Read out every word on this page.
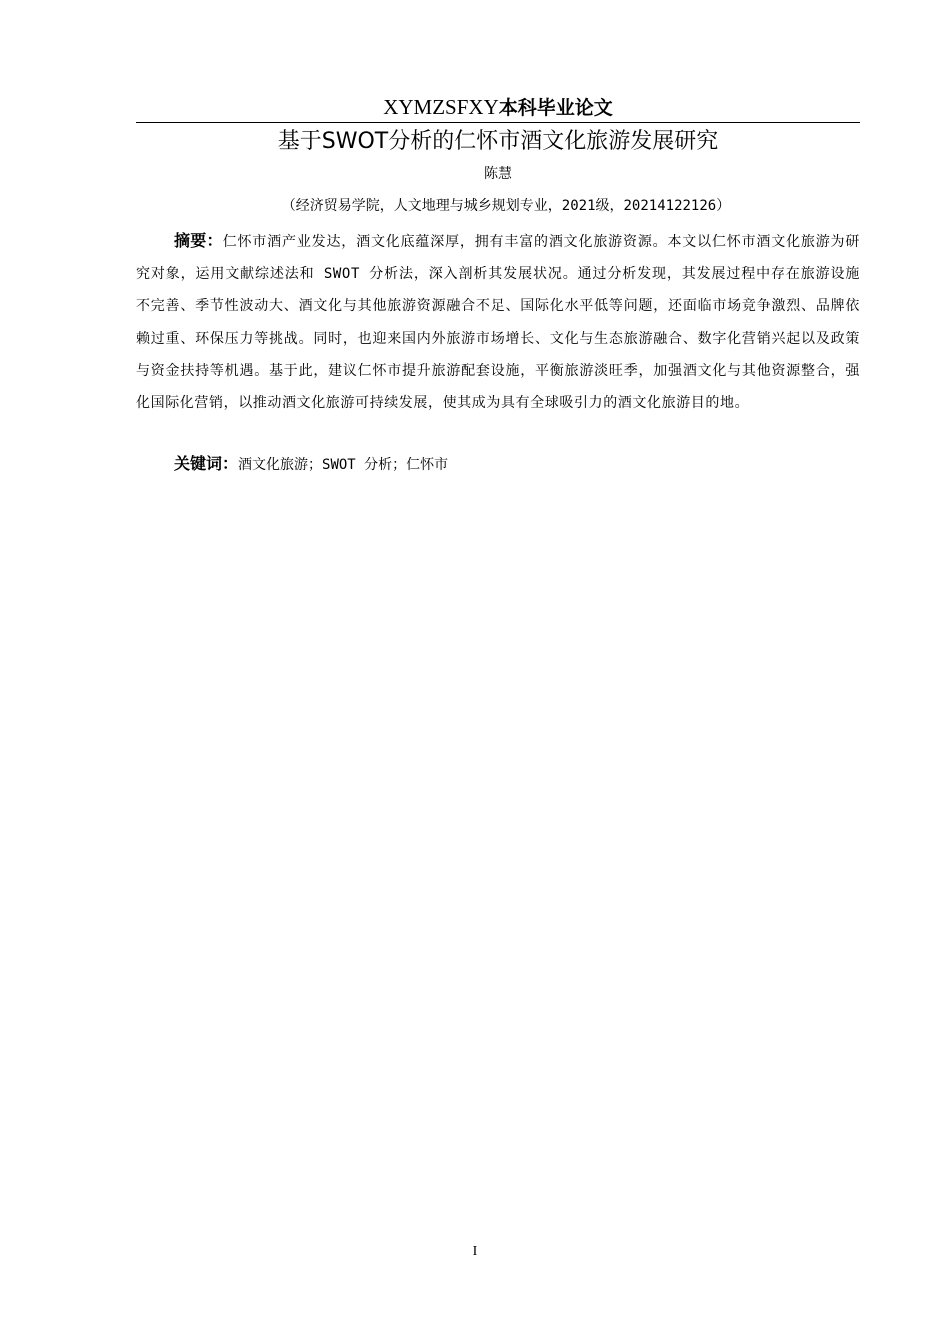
XYMZSFXY本科毕业论文
基于SWOT分析的仁怀市酒文化旅游发展研究
陈慧
（经济贸易学院，人文地理与城乡规划专业，2021级，20214122126）

摘要：仁怀市酒产业发达，酒文化底蕴深厚，拥有丰富的酒文化旅游资源。本文以仁怀市酒文化旅游为研究对象，运用文献综述法和 SWOT 分析法，深入剖析其发展状况。通过分析发现，其发展过程中存在旅游设施不完善、季节性波动大、酒文化与其他旅游资源融合不足、国际化水平低等问题，还面临市场竞争激烈、品牌依赖过重、环保压力等挑战。同时，也迎来国内外旅游市场增长、文化与生态旅游融合、数字化营销兴起以及政策与资金扶持等机遇。基于此，建议仁怀市提升旅游配套设施，平衡旅游淡旺季，加强酒文化与其他资源整合，强化国际化营销，以推动酒文化旅游可持续发展，使其成为具有全球吸引力的酒文化旅游目的地。

关键词：酒文化旅游；SWOT 分析；仁怀市

I
